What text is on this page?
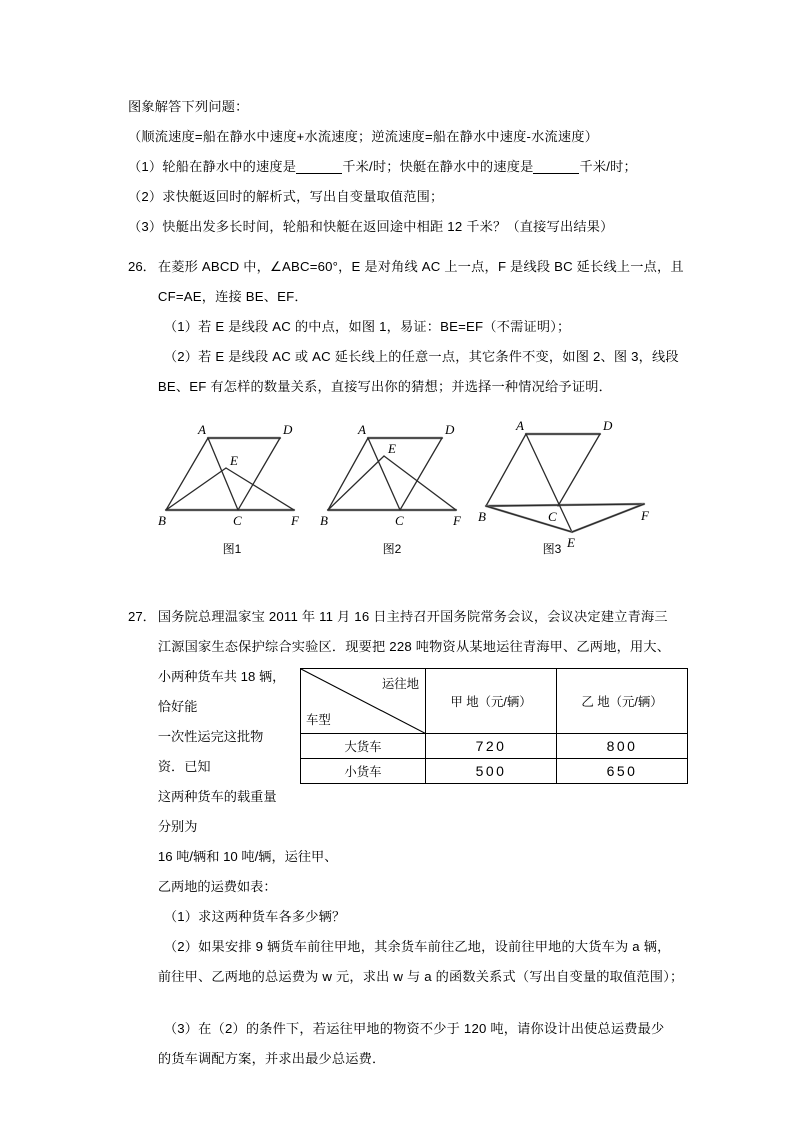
图象解答下列问题：
（顺流速度=船在静水中速度+水流速度；逆流速度=船在静水中速度-水流速度）
（1）轮船在静水中的速度是	千米/时；快艇在静水中的速度是	千米/时；
（2）求快艇返回时的解析式，写出自变量取值范围；
（3）快艇出发多长时间，轮船和快艇在返回途中相距 12 千米？（直接写出结果）
26． 在菱形 ABCD 中，∠ABC=60°，E 是对角线 AC 上一点，F 是线段 BC 延长线上一点，且
CF=AE，连接 BE、EF．
（1）若 E 是线段 AC 的中点，如图 1，易证：BE=EF（不需证明）；
（2）若 E 是线段 AC 或 AC 延长线上的任意一点，其它条件不变，如图 2、图 3，线段
BE、EF 有怎样的数量关系，直接写出你的猜想；并选择一种情况给予证明．
A	D
E
B	C	F
图1
A	D
E
B	C	F
图2
A	D
B	C	F
E
图3
27． 国务院总理温家宝 2011 年 11 月 16 日主持召开国务院常务会议，会议决定建立青海三
江源国家生态保护综合实验区．现要把 228 吨物资从某地运往青海甲、乙两地，用大、
运往地
车型	甲 地（元/辆）	乙 地（元/辆）
大货车	720	800
小货车	500	650
小两种货车共 18 辆，恰好能
一次性运完这批物资．已知
这两种货车的载重量分别为
16 吨/辆和 10 吨/辆，运往甲、
乙两地的运费如表：
（1）求这两种货车各多少辆？
（2）如果安排 9 辆货车前往甲地，其余货车前往乙地，设前往甲地的大货车为 a 辆，
前往甲、乙两地的总运费为 w 元，求出 w 与 a 的函数关系式（写出自变量的取值范围）；
（3）在（2）的条件下，若运往甲地的物资不少于 120 吨，请你设计出使总运费最少
的货车调配方案，并求出最少总运费．
